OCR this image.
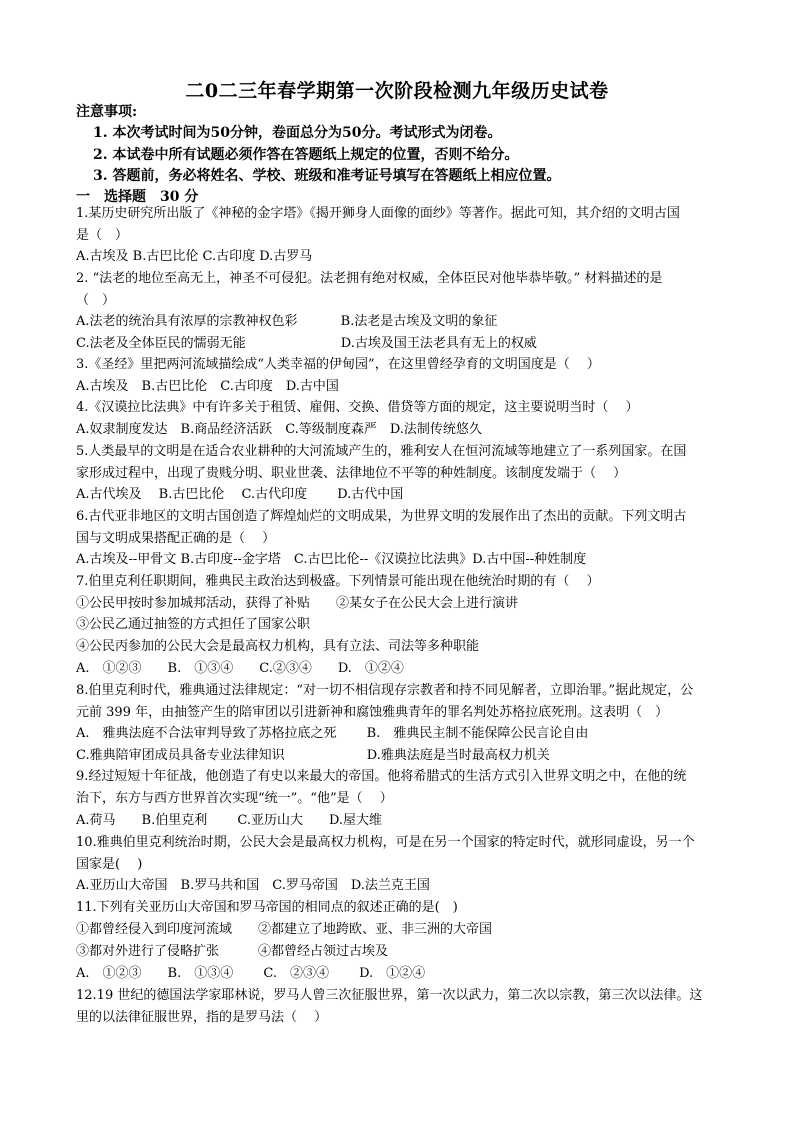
二0二三年春学期第一次阶段检测九年级历史试卷
注意事项:
1. 本次考试时间为50分钟，卷面总分为50分。考试形式为闭卷。
2. 本试卷中所有试题必须作答在答题纸上规定的位置，否则不给分。
3. 答题前，务必将姓名、学校、班级和准考证号填写在答题纸上相应位置。
一　选择题　30 分
1.某历史研究所出版了《神秘的金字塔》《揭开狮身人面像的面纱》等著作。据此可知，其介绍的文明古国
是（　）
A.古埃及 B.古巴比伦 C.古印度 D.古罗马
2. “法老的地位至高无上，神圣不可侵犯。法老拥有绝对权威，全体臣民对他毕恭毕敬。” 材料描述的是
（　）
A.法老的统治具有浓厚的宗教神权色彩　　　 B.法老是古埃及文明的象征
C.法老及全体臣民的懦弱无能　　　　　　　 D.古埃及国王法老具有无上的权威
3.《圣经》里把两河流域描绘成“人类幸福的伊甸园”，在这里曾经孕育的文明国度是（　 ）
A.古埃及　B.古巴比伦　C.古印度　D.古中国
4.《汉谟拉比法典》中有许多关于租赁、雇佣、交换、借贷等方面的规定，这主要说明当时（　 ）
A.奴隶制度发达　B.商品经济活跃　C.等级制度森严　D.法制传统悠久
5.人类最早的文明是在适合农业耕种的大河流域产生的，雅利安人在恒河流域等地建立了一系列国家。在国
家形成过程中，出现了贵贱分明、职业世袭、法律地位不平等的种姓制度。该制度发端于（　 ）
A.古代埃及　 B.古巴比伦　 C.古代印度　　 D.古代中国
6.古代亚非地区的文明古国创造了辉煌灿烂的文明成果，为世界文明的发展作出了杰出的贡献。下列文明古
国与文明成果搭配正确的是（　 ）
A.古埃及--甲骨文 B.古印度--金字塔　C.古巴比伦--《汉谟拉比法典》D.古中国--种姓制度
7.伯里克利任职期间，雅典民主政治达到极盛。下列情景可能出现在他统治时期的有（　 ）
①公民甲按时参加城邦活动，获得了补贴　　②某女子在公民大会上进行演讲
③公民乙通过抽签的方式担任了国家公职
④公民丙参加的公民大会是最高权力机构，具有立法、司法等多种职能
A.　①②③　　B.　①③④　　C.②③④　　D.　①②④
8.伯里克利时代，雅典通过法律规定：“对一切不相信现存宗教者和持不同见解者，立即治罪。”据此规定，公
元前 399 年，由抽签产生的陪审团以引进新神和腐蚀雅典青年的罪名判处苏格拉底死刑。这表明（　）
A.　雅典法庭不合法审判导致了苏格拉底之死　　 B.　雅典民主制不能保障公民言论自由
C.雅典陪审团成员具备专业法律知识　　　　　　 D.雅典法庭是当时最高权力机关
9.经过短短十年征战，他创造了有史以来最大的帝国。他将希腊式的生活方式引入世界文明之中，在他的统
治下，东方与西方世界首次实现“统一”。“他”是（　 ）
A.荷马　　B.伯里克利　　 C.亚历山大　　D.屋大维
10.雅典伯里克利统治时期，公民大会是最高权力机构，可是在另一个国家的特定时代，就形同虚设，另一个
国家是(　 )
A.亚历山大帝国　B.罗马共和国　C.罗马帝国　D.法兰克王国
11.下列有关亚历山大帝国和罗马帝国的相同点的叙述正确的是(　)
①都曾经侵入到印度河流域　　②都建立了地跨欧、亚、非三洲的大帝国
③都对外进行了侵略扩张　　　④都曾经占领过古埃及
A.　①②③　　B.　①③④　　 C.　②③④　　 D.　①②④
12.19 世纪的德国法学家耶林说，罗马人曾三次征服世界，第一次以武力，第二次以宗教，第三次以法律。这
里的以法律征服世界，指的是罗马法（　 ）
